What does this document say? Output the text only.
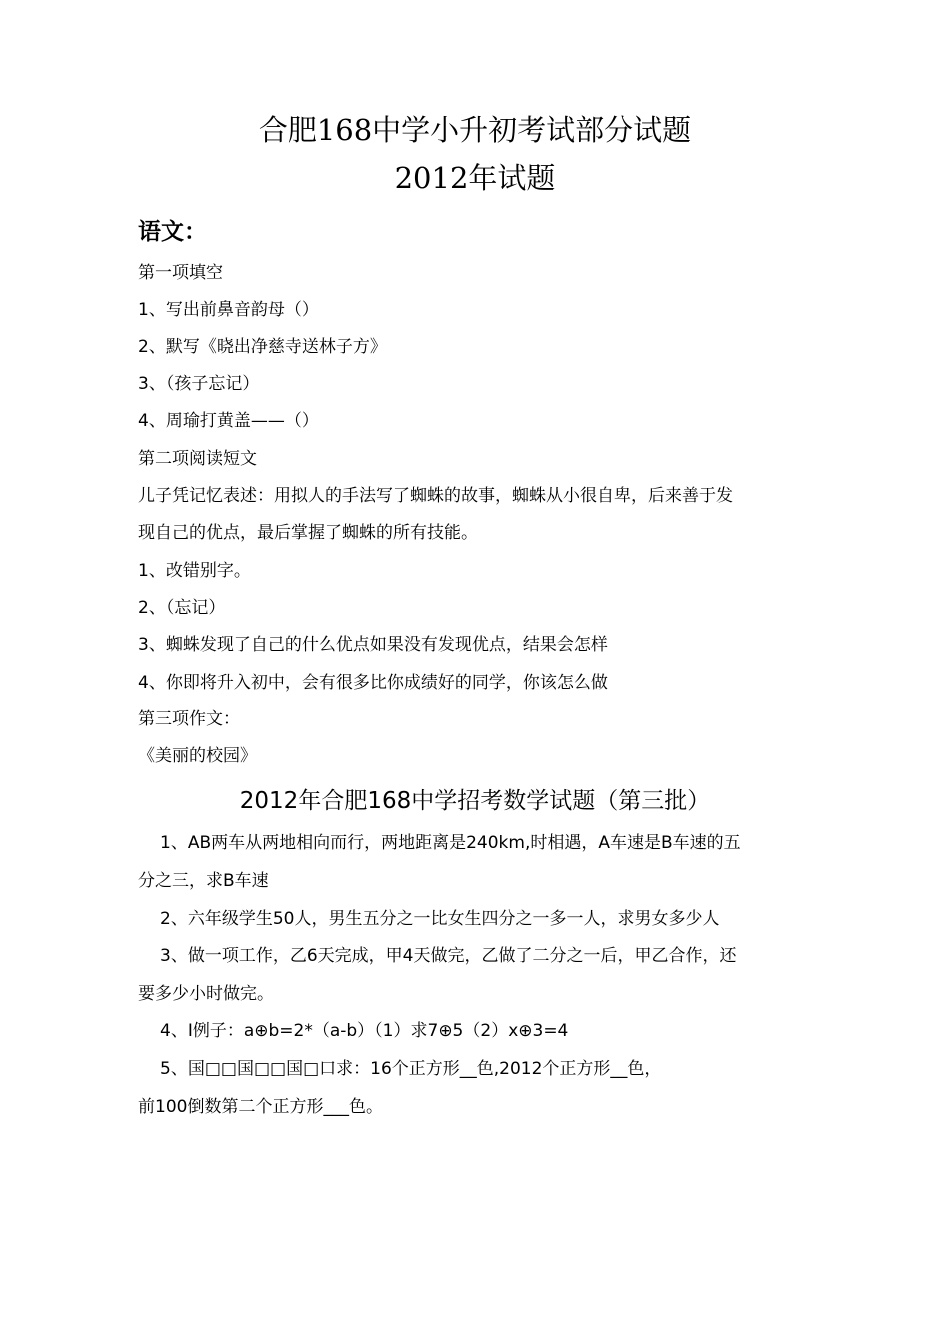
合肥168中学小升初考试部分试题
2012年试题
语文：
第一项填空
1、写出前鼻音韵母（）
2、默写《晓出净慈寺送林子方》
3、（孩子忘记）
4、周瑜打黄盖——（）
第二项阅读短文
儿子凭记忆表述：用拟人的手法写了蜘蛛的故事，蜘蛛从小很自卑，后来善于发
现自己的优点，最后掌握了蜘蛛的所有技能。
1、改错别字。
2、（忘记）
3、蜘蛛发现了自己的什么优点如果没有发现优点，结果会怎样
4、你即将升入初中，会有很多比你成绩好的同学，你该怎么做
第三项作文：
《美丽的校园》
2012年合肥168中学招考数学试题（第三批）
1、AB两车从两地相向而行，两地距离是240km,时相遇，A车速是B车速的五
分之三，求B车速
2、六年级学生50人，男生五分之一比女生四分之一多一人，求男女多少人
3、做一项工作，乙6天完成，甲4天做完，乙做了二分之一后，甲乙合作，还
要多少小时做完。
4、I例子：a⊕b=2*（a-b）（1）求7⊕5（2）x⊕3=4
5、国□□国□□国□口求：16个正方形__色,2012个正方形__色，
前100倒数第二个正方形___色。
